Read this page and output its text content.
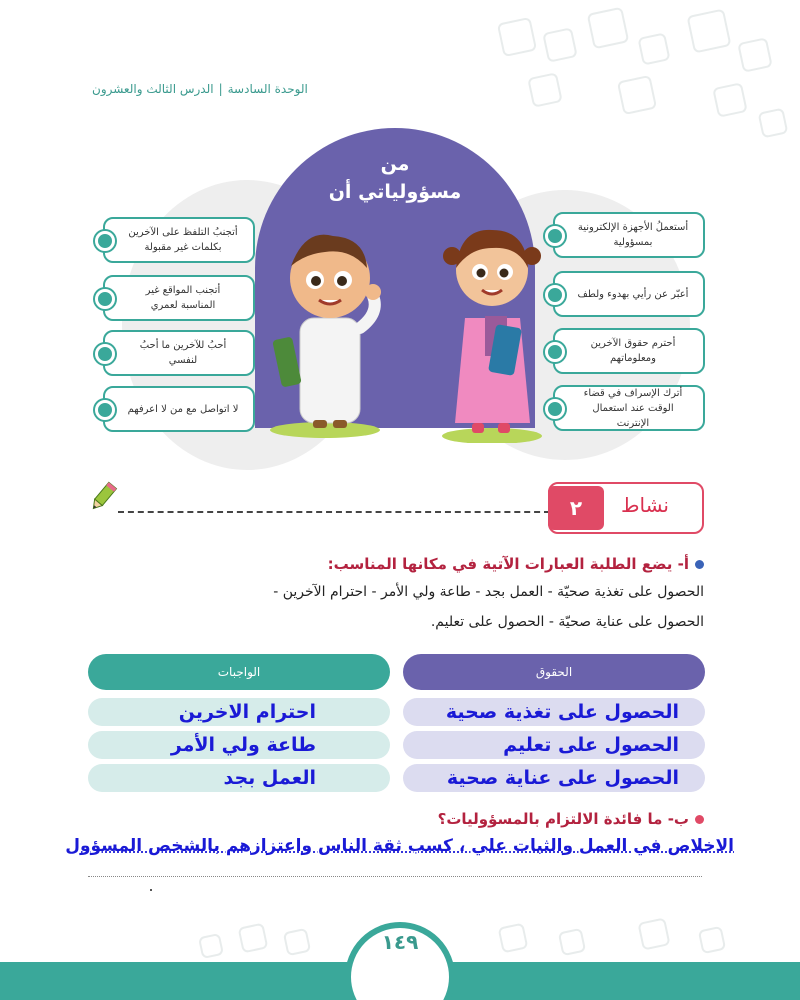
الوحدة السادسة|الدرس الثالث والعشرون
من
مسؤولياتي أن
أتجنبُ التلفظ على الآخرين بكلمات غير مقبولة
أتجنب المواقع غير المناسبة لعمري
أحبُ للآخرين ما أحبُ لنفسي
لا اتواصل مع من لا اعرفهم
أستعملُ الأجهزة الإلكترونية بمسؤولية
أعبّر عن رأيي بهدوء ولطف
أحترم حقوق الآخرين ومعلوماتهم
أترك الإسراف في قضاء الوقت عند استعمال الإنترنت
٢	نشاط
أ- يضع الطلبة العبارات الآتية في مكانها المناسب:
الحصول على تغذية صحيّة - العمل بجد - طاعة ولي الأمر - احترام الآخرين -
الحصول على عناية صحيّة - الحصول على تعليم.
الحقوق
الواجبات
الحصول على تغذية صحية
الحصول على تعليم
الحصول على عناية صحية
احترام الاخرين
طاعة ولي الأمر
العمل بجد
ب- ما فائدة الالتزام بالمسؤوليات؟
الاخلاص في العمل والثبات علي ، كسب ثقة الناس واعتزازهم بالشخص المسؤول
١٤٩
